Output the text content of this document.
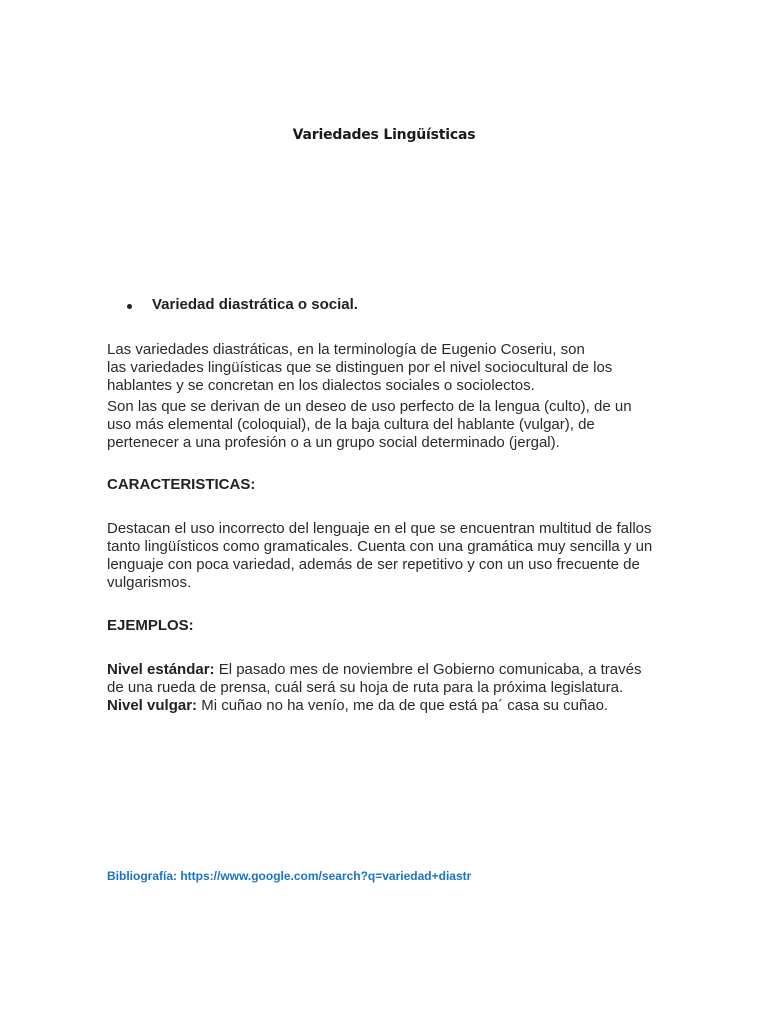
Variedades Lingüísticas
Variedad diastrática o social.

Las variedades diastráticas, en la terminología de Eugenio Coseriu, son
las variedades lingüísticas que se distinguen por el nivel sociocultural de los
hablantes y se concretan en los dialectos sociales o sociolectos.

Son las que se derivan de un deseo de uso perfecto de la lengua (culto), de un
uso más elemental (coloquial), de la baja cultura del hablante (vulgar), de
pertenecer a una profesión o a un grupo social determinado (jergal).

CARACTERISTICAS:

Destacan el uso incorrecto del lenguaje en el que se encuentran multitud de fallos
tanto lingüísticos como gramaticales. Cuenta con una gramática muy sencilla y un
lenguaje con poca variedad, además de ser repetitivo y con un uso frecuente de
vulgarismos.

EJEMPLOS:

Nivel estándar: El pasado mes de noviembre el Gobierno comunicaba, a través
de una rueda de prensa, cuál será su hoja de ruta para la próxima legislatura.
Nivel vulgar: Mi cuñao no ha venío, me da de que está pa´ casa su cuñao.

Bibliografía: https://www.google.com/search?q=variedad+diastr
